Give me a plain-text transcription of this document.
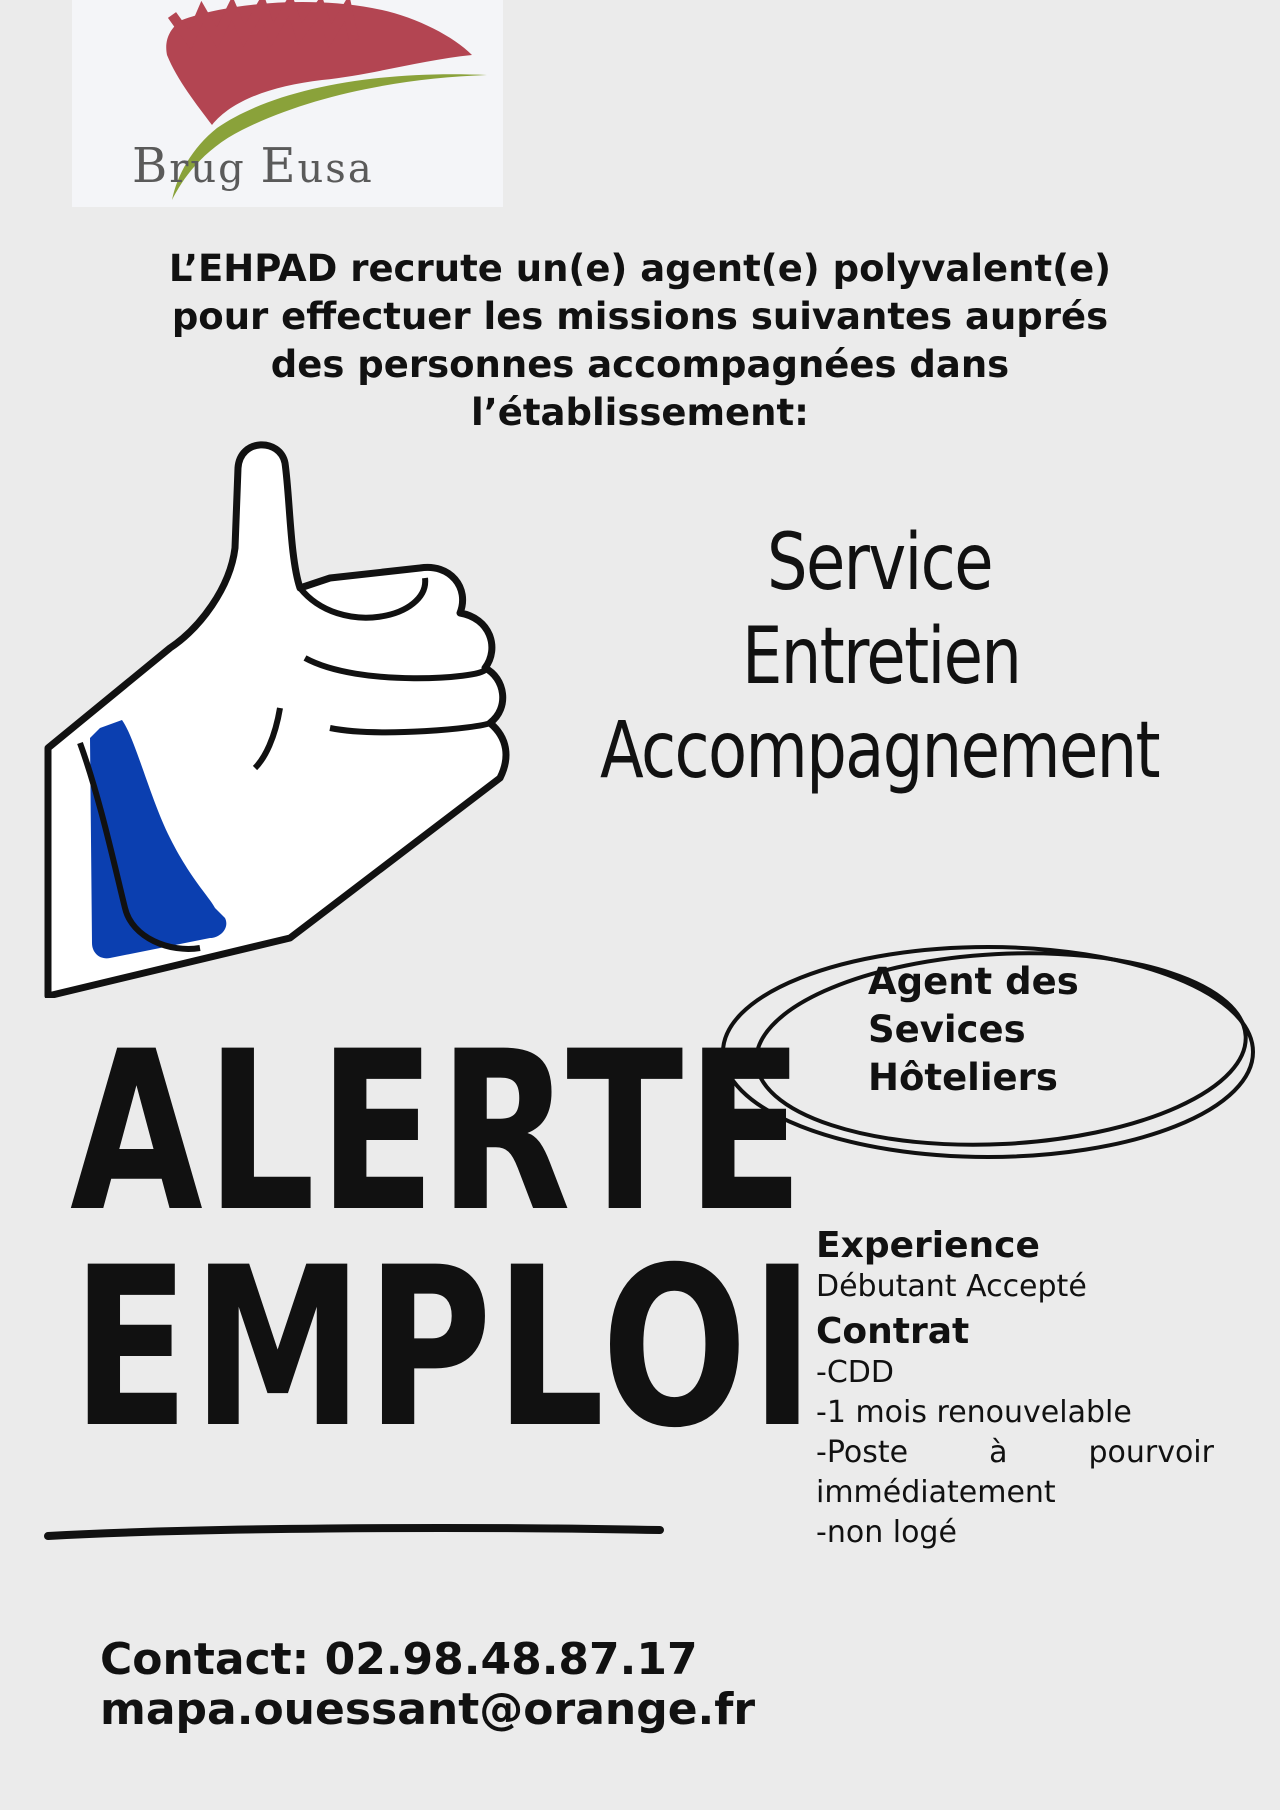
Brug Eusa
L’EHPAD recrute un(e) agent(e) polyvalent(e)
pour effectuer les missions suivantes auprés
des personnes accompagnées dans
l’établissement:
Service
Entretien
Accompagnement
Agent des
Sevices
Hôteliers
ALERTE
EMPLOI
Experience
Débutant Accepté
Contrat
-CDD
-1 mois renouvelable
-Poste	à	pourvoir
immédiatement
-non logé
Contact: 02.98.48.87.17
mapa.ouessant@orange.fr
